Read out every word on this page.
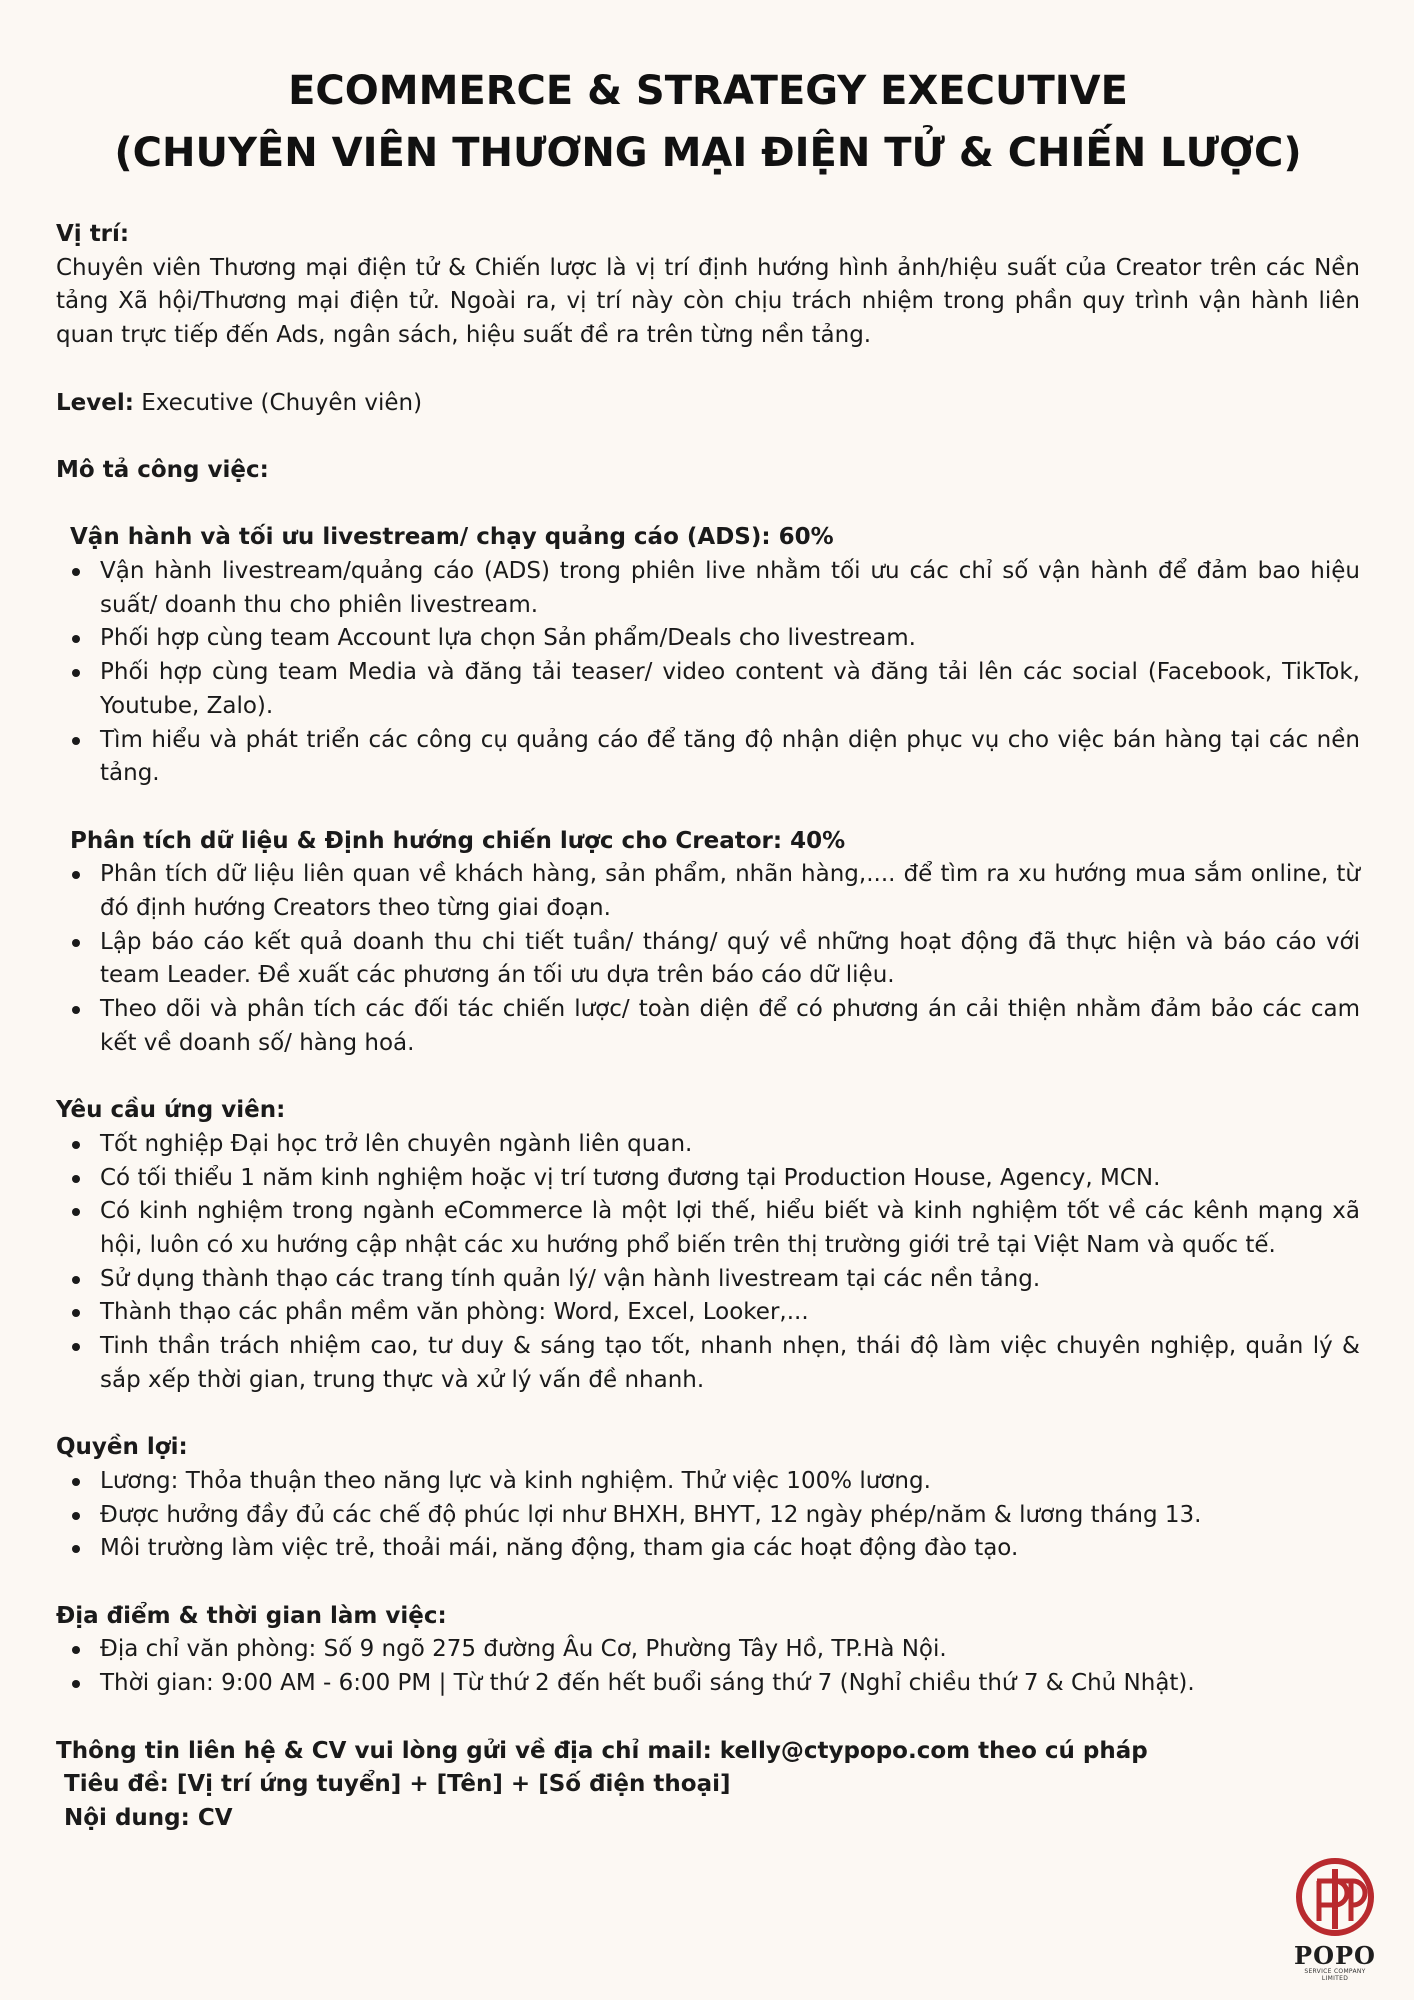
ECOMMERCE & STRATEGY EXECUTIVE
(CHUYÊN VIÊN THƯƠNG MẠI ĐIỆN TỬ & CHIẾN LƯỢC)

Vị trí:

Chuyên viên Thương mại điện tử & Chiến lược là vị trí định hướng hình ảnh/hiệu suất của Creator trên các Nền tảng Xã hội/Thương mại điện tử. Ngoài ra, vị trí này còn chịu trách nhiệm trong phần quy trình vận hành liên quan trực tiếp đến Ads, ngân sách, hiệu suất đề ra trên từng nền tảng.

Level: Executive (Chuyên viên)

Mô tả công việc:

Vận hành và tối ưu livestream/ chạy quảng cáo (ADS): 60%

Vận hành livestream/quảng cáo (ADS) trong phiên live nhằm tối ưu các chỉ số vận hành để đảm bao hiệu suất/ doanh thu cho phiên livestream.
Phối hợp cùng team Account lựa chọn Sản phẩm/Deals cho livestream.
Phối hợp cùng team Media và đăng tải teaser/ video content và đăng tải lên các social (Facebook, TikTok, Youtube, Zalo).
Tìm hiểu và phát triển các công cụ quảng cáo để tăng độ nhận diện phục vụ cho việc bán hàng tại các nền tảng.

Phân tích dữ liệu & Định hướng chiến lược cho Creator: 40%

Phân tích dữ liệu liên quan về khách hàng, sản phẩm, nhãn hàng,.... để tìm ra xu hướng mua sắm online, từ đó định hướng Creators theo từng giai đoạn.
Lập báo cáo kết quả doanh thu chi tiết tuần/ tháng/ quý về những hoạt động đã thực hiện và báo cáo với team Leader. Đề xuất các phương án tối ưu dựa trên báo cáo dữ liệu.
Theo dõi và phân tích các đối tác chiến lược/ toàn diện để có phương án cải thiện nhằm đảm bảo các cam kết về doanh số/ hàng hoá.

Yêu cầu ứng viên:

Tốt nghiệp Đại học trở lên chuyên ngành liên quan.
Có tối thiểu 1 năm kinh nghiệm hoặc vị trí tương đương tại Production House, Agency, MCN.
Có kinh nghiệm trong ngành eCommerce là một lợi thế, hiểu biết và kinh nghiệm tốt về các kênh mạng xã hội, luôn có xu hướng cập nhật các xu hướng phổ biến trên thị trường giới trẻ tại Việt Nam và quốc tế.
Sử dụng thành thạo các trang tính quản lý/ vận hành livestream tại các nền tảng.
Thành thạo các phần mềm văn phòng: Word, Excel, Looker,...
Tinh thần trách nhiệm cao, tư duy & sáng tạo tốt, nhanh nhẹn, thái độ làm việc chuyên nghiệp, quản lý & sắp xếp thời gian, trung thực và xử lý vấn đề nhanh.

Quyền lợi:

Lương: Thỏa thuận theo năng lực và kinh nghiệm. Thử việc 100% lương.
Được hưởng đầy đủ các chế độ phúc lợi như BHXH, BHYT, 12 ngày phép/năm & lương tháng 13.
Môi trường làm việc trẻ, thoải mái, năng động, tham gia các hoạt động đào tạo.

Địa điểm & thời gian làm việc:

Địa chỉ văn phòng: Số 9 ngõ 275 đường Âu Cơ, Phường Tây Hồ, TP.Hà Nội.
Thời gian: 9:00 AM - 6:00 PM | Từ thứ 2 đến hết buổi sáng thứ 7 (Nghỉ chiều thứ 7 & Chủ Nhật).

Thông tin liên hệ & CV vui lòng gửi về địa chỉ mail: kelly@ctypopo.com theo cú pháp

Tiêu đề: [Vị trí ứng tuyển] + [Tên] + [Số điện thoại]

Nội dung: CV

POPO
SERVICE COMPANY LIMITED
